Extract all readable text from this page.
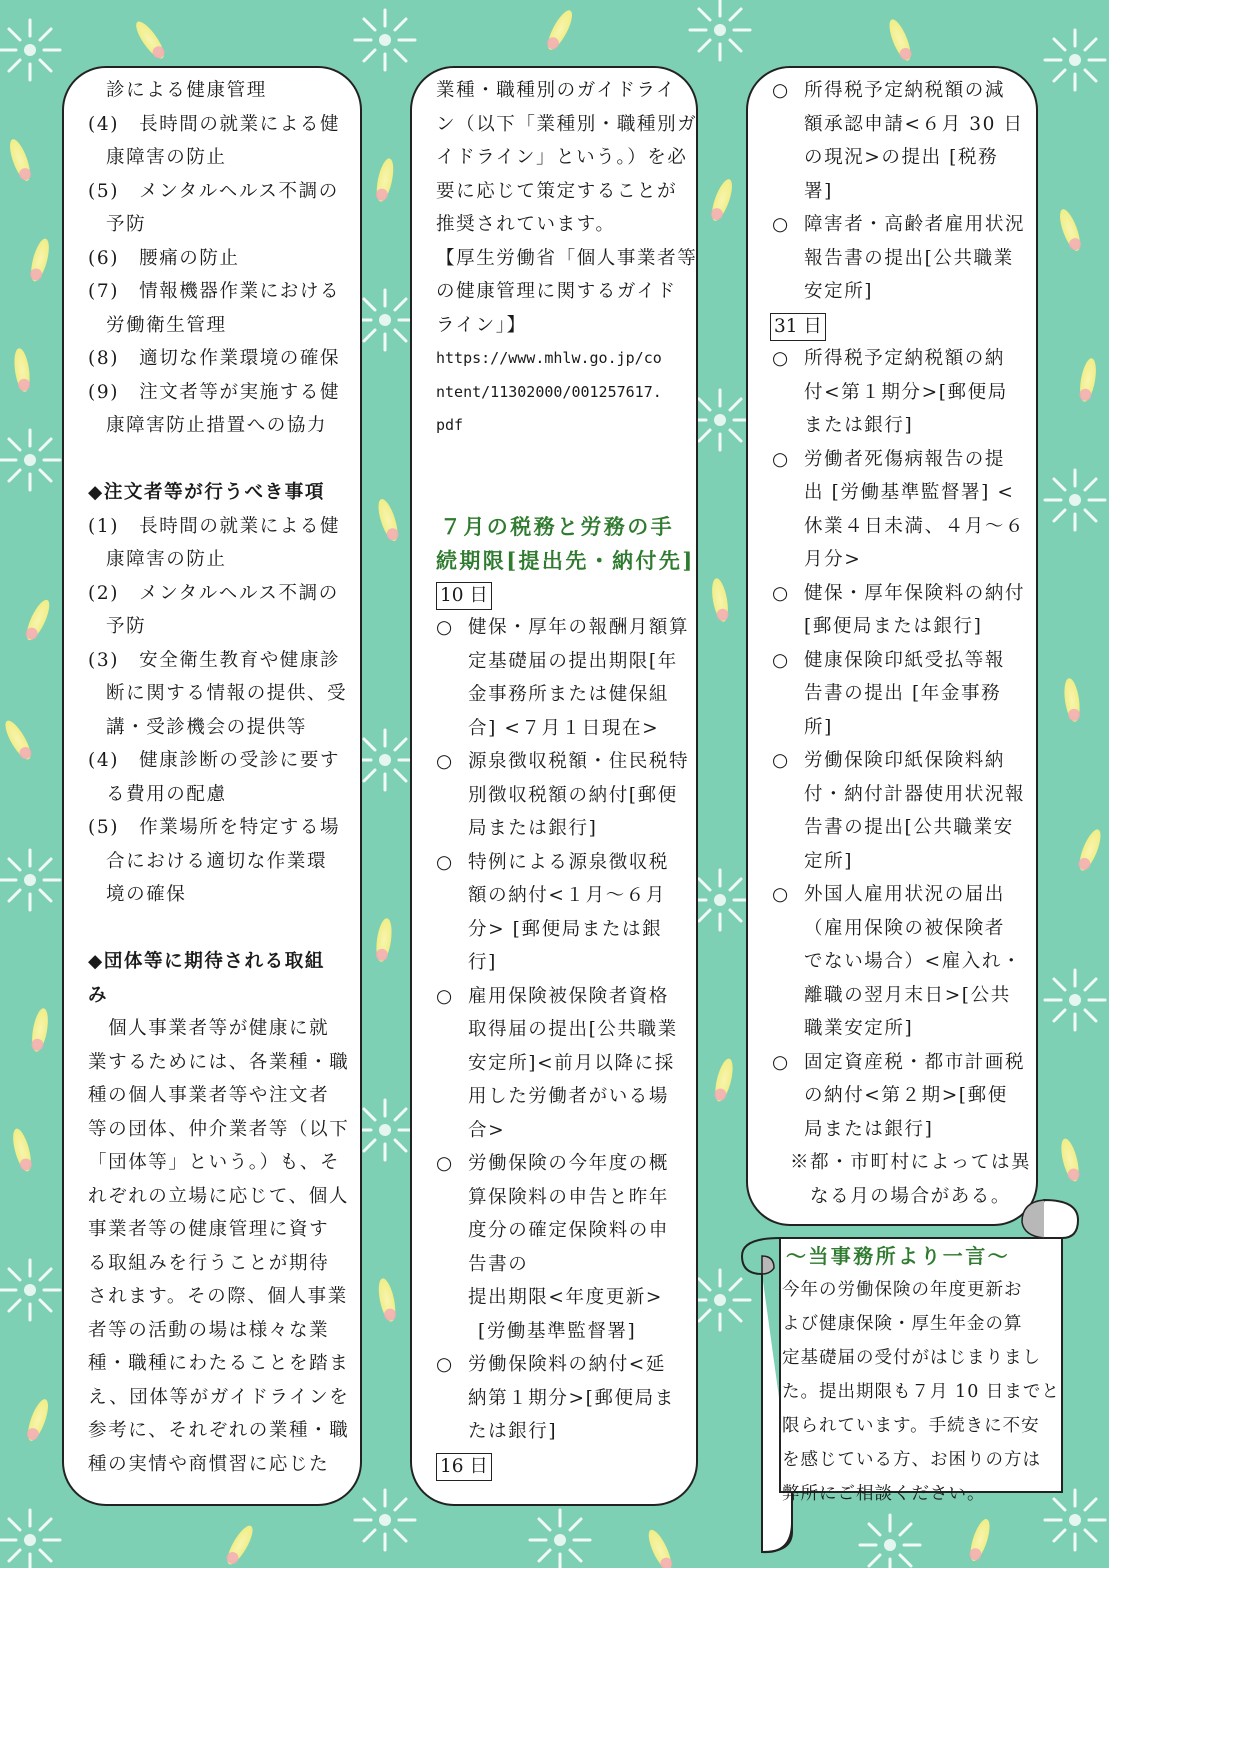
診による健康管理
(4)　長時間の就業による健
康障害の防止
(5)　メンタルヘルス不調の
予防
(6)　腰痛の防止
(7)　情報機器作業における
労働衛生管理
(8)　適切な作業環境の確保
(9)　注文者等が実施する健
康障害防止措置への協力
◆注文者等が行うべき事項
(1)　長時間の就業による健
康障害の防止
(2)　メンタルヘルス不調の
予防
(3)　安全衛生教育や健康診
断に関する情報の提供、受
講・受診機会の提供等
(4)　健康診断の受診に要す
る費用の配慮
(5)　作業場所を特定する場
合における適切な作業環
境の確保
◆団体等に期待される取組
み
　個人事業者等が健康に就
業するためには、各業種・職
種の個人事業者等や注文者
等の団体、仲介業者等（以下
「団体等」という。）も、そ
れぞれの立場に応じて、個人
事業者等の健康管理に資す
る取組みを行うことが期待
されます。その際、個人事業
者等の活動の場は様々な業
種・職種にわたることを踏ま
え、団体等がガイドラインを
参考に、それぞれの業種・職
種の実情や商慣習に応じた
業種・職種別のガイドライ
ン（以下「業種別・職種別ガ
イドライン」という。）を必
要に応じて策定することが
推奨されています。
【厚生労働省「個人事業者等
の健康管理に関するガイド
ライン」】
https://www.mhlw.go.jp/co
ntent/11302000/001257617.
pdf
７月の税務と労務の手
続期限[提出先・納付先]
10 日
○ 健保・厚年の報酬月額算
定基礎届の提出期限[年
金事務所または健保組
合] <７月１日現在>
○ 源泉徴収税額・住民税特
別徴収税額の納付[郵便
局または銀行]
○ 特例による源泉徴収税
額の納付<１月～６月
分> [郵便局または銀
行]
○ 雇用保険被保険者資格
取得届の提出[公共職業
安定所]<前月以降に採
用した労働者がいる場
合>
○ 労働保険の今年度の概
算保険料の申告と昨年
度分の確定保険料の申
告書の
提出期限<年度更新>
[労働基準監督署]
○ 労働保険料の納付<延
納第１期分>[郵便局ま
たは銀行]
16 日
○ 所得税予定納税額の減
額承認申請<６月 30 日
の現況>の提出 [税務
署]
○ 障害者・高齢者雇用状況
報告書の提出[公共職業
安定所]
31 日
○ 所得税予定納税額の納
付<第１期分>[郵便局
または銀行]
○ 労働者死傷病報告の提
出 [労働基準監督署] <
休業４日未満、４月～６
月分>
○ 健保・厚年保険料の納付
[郵便局または銀行]
○ 健康保険印紙受払等報
告書の提出 [年金事務
所]
○ 労働保険印紙保険料納
付・納付計器使用状況報
告書の提出[公共職業安
定所]
○ 外国人雇用状況の届出
（雇用保険の被保険者
でない場合）<雇入れ・
離職の翌月末日>[公共
職業安定所]
○ 固定資産税・都市計画税
の納付<第２期>[郵便
局または銀行]
※都・市町村によっては異
なる月の場合がある。
～当事務所より一言～
今年の労働保険の年度更新お
よび健康保険・厚生年金の算
定基礎届の受付がはじまりまし
た。提出期限も７月 10 日までと
限られています。手続きに不安
を感じている方、お困りの方は
弊所にご相談ください。
